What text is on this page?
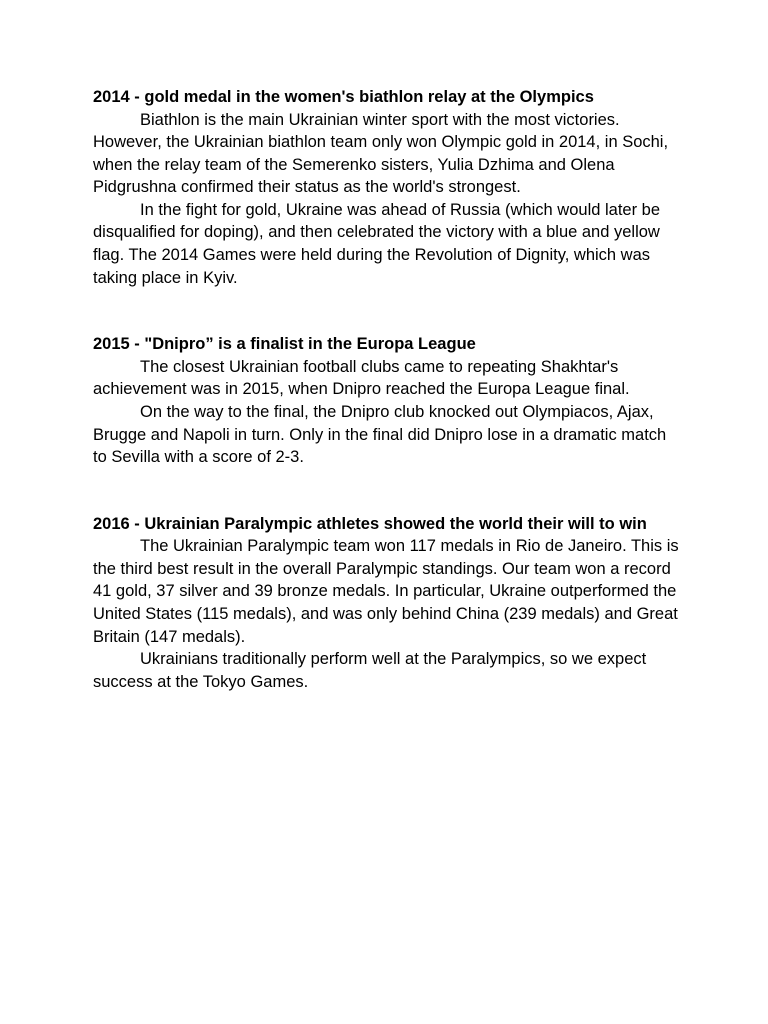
2014 - gold medal in the women's biathlon relay at the Olympics

Biathlon is the main Ukrainian winter sport with the most victories. However, the Ukrainian biathlon team only won Olympic gold in 2014, in Sochi, when the relay team of the Semerenko sisters, Yulia Dzhima and Olena Pidgrushna confirmed their status as the world's strongest.

In the fight for gold, Ukraine was ahead of Russia (which would later be disqualified for doping), and then celebrated the victory with a blue and yellow flag. The 2014 Games were held during the Revolution of Dignity, which was taking place in Kyiv.

2015 - "Dnipro” is a finalist in the Europa League

The closest Ukrainian football clubs came to repeating Shakhtar's achievement was in 2015, when Dnipro reached the Europa League final.

On the way to the final, the Dnipro club knocked out Olympiacos, Ajax, Brugge and Napoli in turn. Only in the final did Dnipro lose in a dramatic match to Sevilla with a score of 2-3.

2016 - Ukrainian Paralympic athletes showed the world their will to win

The Ukrainian Paralympic team won 117 medals in Rio de Janeiro. This is the third best result in the overall Paralympic standings. Our team won a record 41 gold, 37 silver and 39 bronze medals. In particular, Ukraine outperformed the United States (115 medals), and was only behind China (239 medals) and Great Britain (147 medals).

Ukrainians traditionally perform well at the Paralympics, so we expect success at the Tokyo Games.
